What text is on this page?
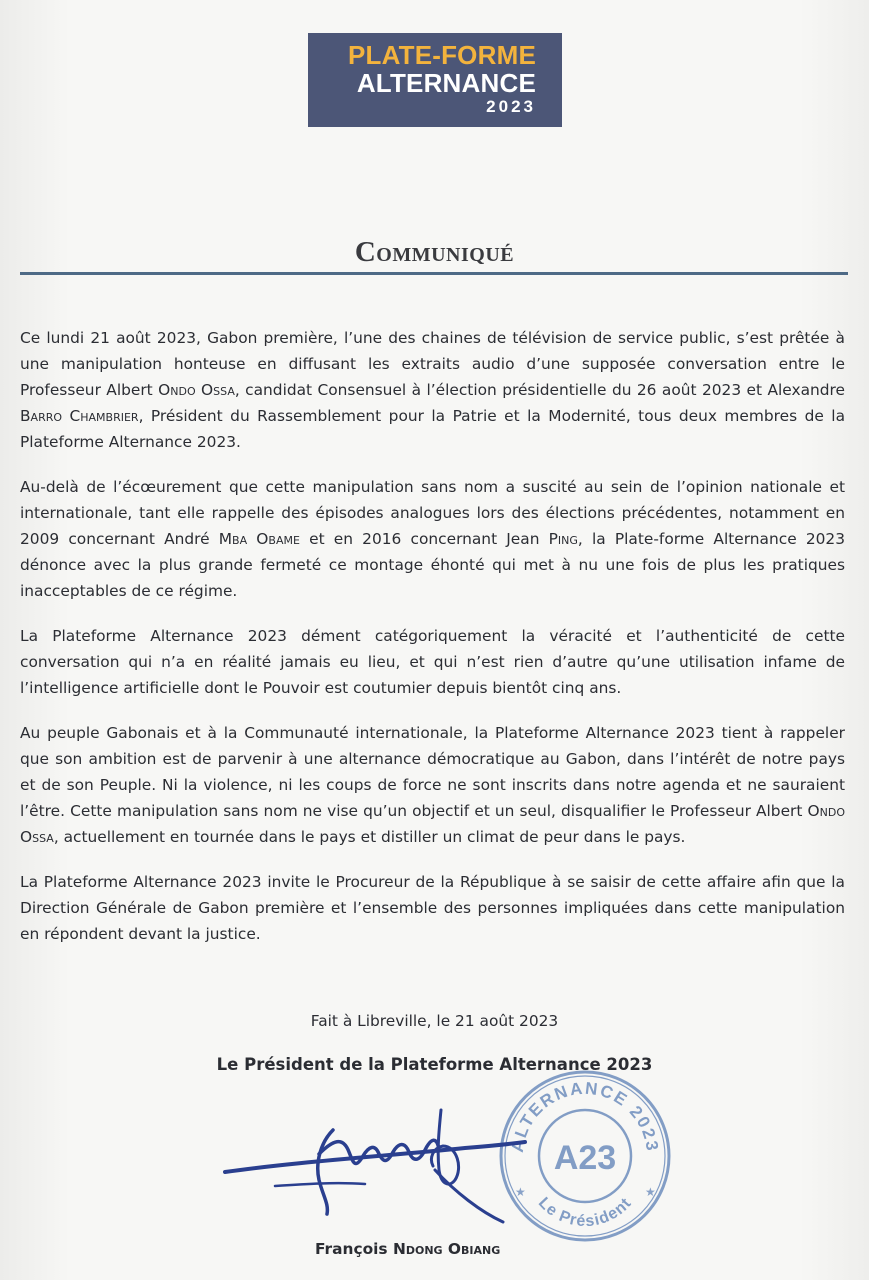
PLATE-FORME
ALTERNANCE
2023
Communiqué

Ce lundi 21 août 2023, Gabon première, l’une des chaines de télévision de service public, s’est prêtée à une manipulation honteuse en diffusant les extraits audio d’une supposée conversation entre le Professeur Albert Ondo Ossa, candidat Consensuel à l’élection présidentielle du 26 août 2023 et Alexandre Barro Chambrier, Président du Rassemblement pour la Patrie et la Modernité, tous deux membres de la Plateforme Alternance 2023.

Au-delà de l’écœurement que cette manipulation sans nom a suscité au sein de l’opinion nationale et internationale, tant elle rappelle des épisodes analogues lors des élections précédentes, notamment en 2009 concernant André Mba Obame et en 2016 concernant Jean Ping, la Plate-forme Alternance 2023 dénonce avec la plus grande fermeté ce montage éhonté qui met à nu une fois de plus les pratiques inacceptables de ce régime.

La Plateforme Alternance 2023 dément catégoriquement la véracité et l’authenticité de cette conversation qui n’a en réalité jamais eu lieu, et qui n’est rien d’autre qu’une utilisation infame de l’intelligence artificielle dont le Pouvoir est coutumier depuis bientôt cinq ans.

Au peuple Gabonais et à la Communauté internationale, la Plateforme Alternance 2023 tient à rappeler que son ambition est de parvenir à une alternance démocratique au Gabon, dans l’intérêt de notre pays et de son Peuple. Ni la violence, ni les coups de force ne sont inscrits dans notre agenda et ne sauraient l’être. Cette manipulation sans nom ne vise qu’un objectif et un seul, disqualifier le Professeur Albert Ondo Ossa, actuellement en tournée dans le pays et distiller un climat de peur dans le pays.

La Plateforme Alternance 2023 invite le Procureur de la République à se saisir de cette affaire afin que la Direction Générale de Gabon première et l’ensemble des personnes impliquées dans cette manipulation en répondent devant la justice.

Fait à Libreville, le 21 août 2023
Le Président de la Plateforme Alternance 2023
ALTERNANCE 2023
A23
Le Président
★	★
François Ndong Obiang
